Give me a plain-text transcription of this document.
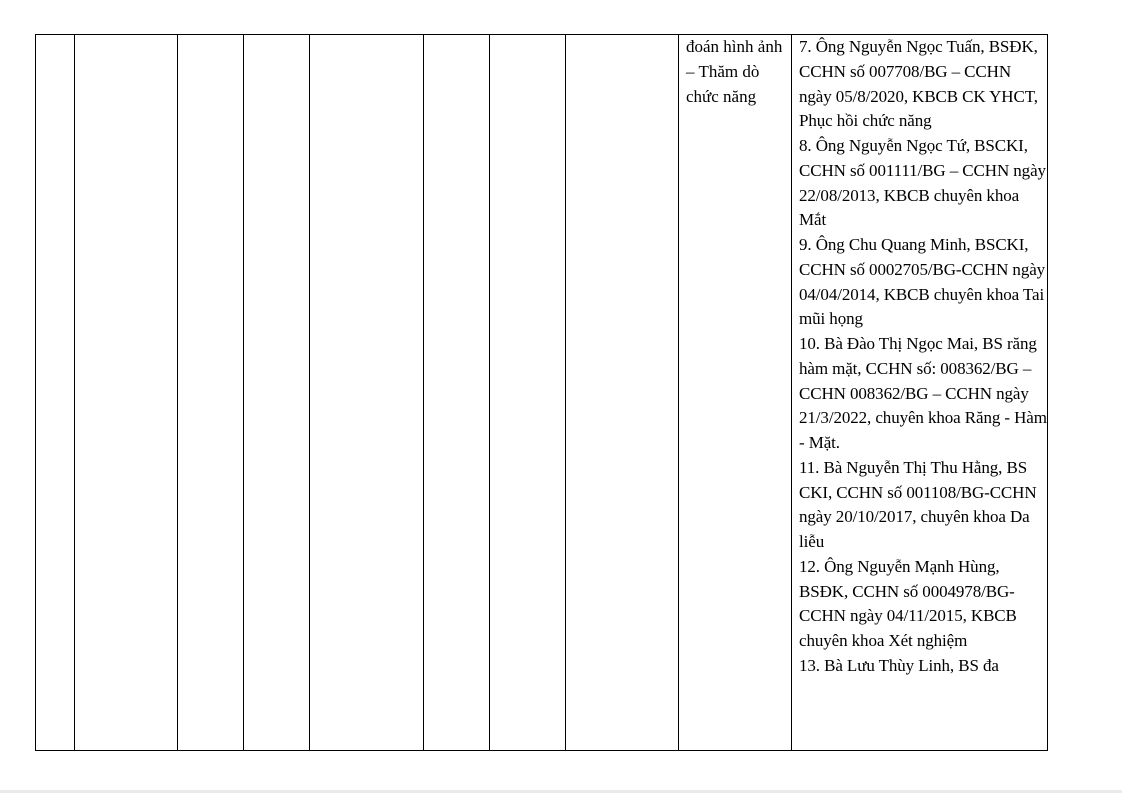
								đoán hình ảnh – Thăm dò chức năng	7. Ông Nguyễn Ngọc Tuấn, BSĐK, CCHN số 007708/BG – CCHN ngày 05/8/2020, KBCB CK YHCT, Phục hồi chức năng
8. Ông Nguyễn Ngọc Tứ, BSCKI, CCHN số 001111/BG – CCHN ngày 22/08/2013, KBCB chuyên khoa Mắt
9. Ông Chu Quang Minh, BSCKI, CCHN số 0002705/BG-CCHN ngày 04/04/2014, KBCB chuyên khoa Tai mũi họng
10. Bà Đào Thị Ngọc Mai, BS răng hàm mặt, CCHN số: 008362/BG – CCHN 008362/BG – CCHN ngày 21/3/2022, chuyên khoa Răng - Hàm - Mặt.
11. Bà Nguyễn Thị Thu Hằng, BS CKI, CCHN số 001108/BG-CCHN ngày 20/10/2017, chuyên khoa Da liễu
12. Ông Nguyễn Mạnh Hùng, BSĐK, CCHN số 0004978/BG-CCHN ngày 04/11/2015, KBCB chuyên khoa Xét nghiệm
13. Bà Lưu Thùy Linh, BS đa
